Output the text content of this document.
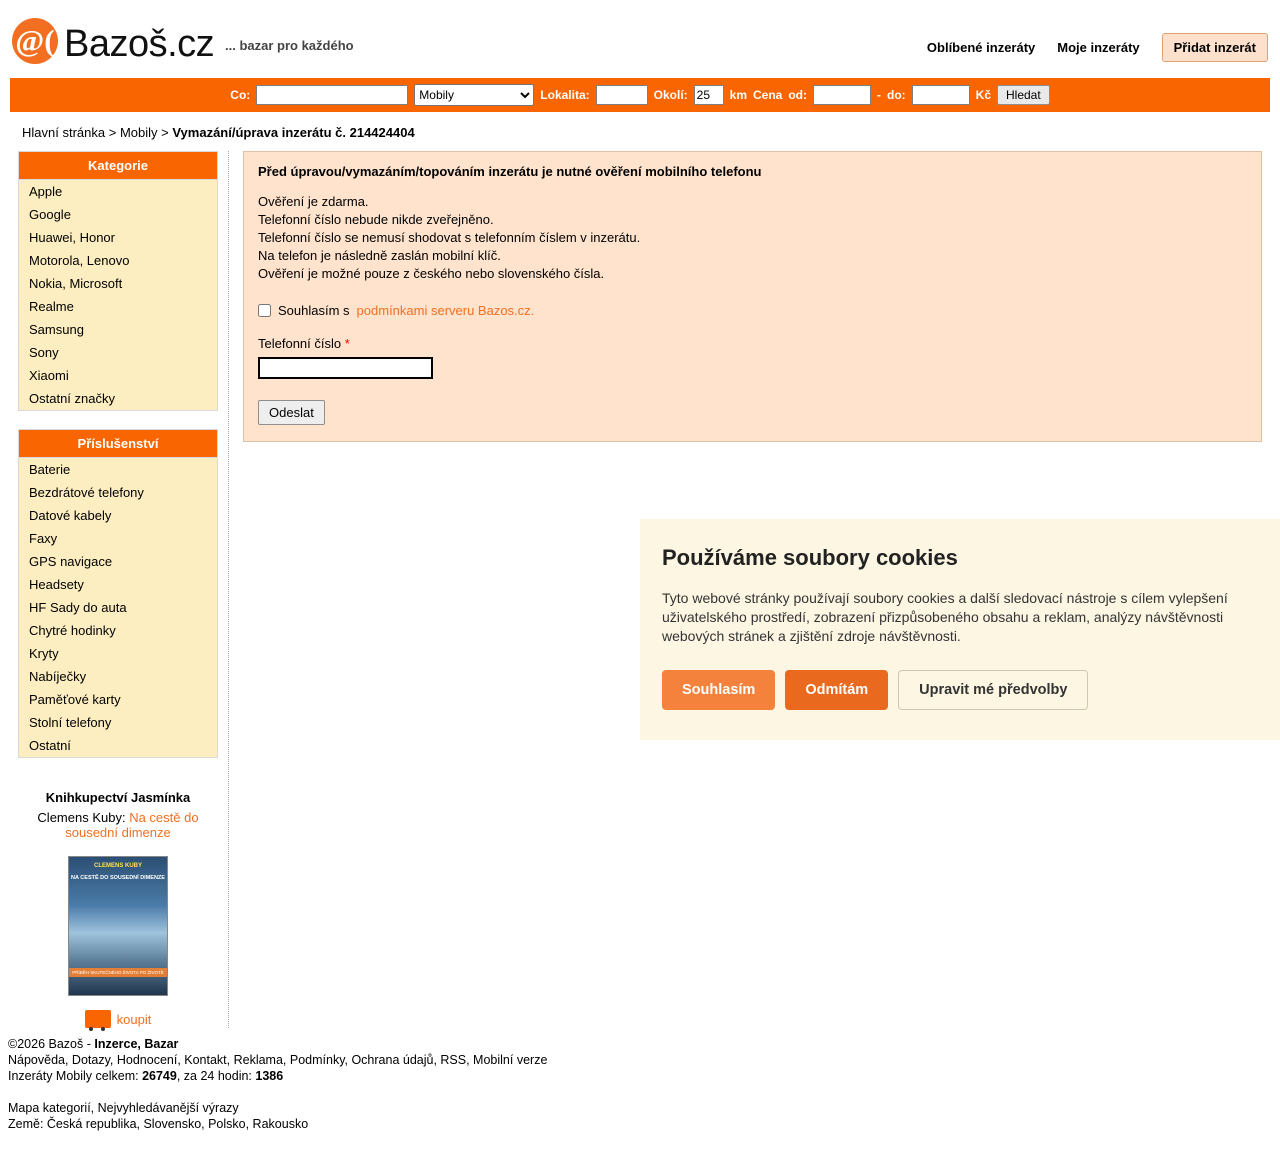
@( Bazoš.cz ... bazar pro každého	Oblíbené inzeráty Moje inzeráty	Přidat inzerát
Co:
Mobily	Lokalita:	Okolí:
25	km Cena od:	- do:	Kč	Hledat
Hlavní stránka > Mobily > Vymazání/úprava inzerátu č. 214424404
Kategorie
Apple
Google
Huawei, Honor
Motorola, Lenovo
Nokia, Microsoft
Realme
Samsung
Sony
Xiaomi
Ostatní značky
Příslušenství
Baterie
Bezdrátové telefony
Datové kabely
Faxy
GPS navigace
Headsety
HF Sady do auta
Chytré hodinky
Kryty
Nabíječky
Paměťové karty
Stolní telefony
Ostatní
Knihkupectví Jasmínka
Clemens Kuby: Na cestě do sousední dimenze
CLEMENS KUBY
NA CESTĚ DO SOUSEDNÍ DIMENZE
PŘÍBĚH SKUTEČNÉHO ŽIVOTA PO ŽIVOTĚ
koupit
Před úpravou/vymazáním/topováním inzerátu je nutné ověření mobilního telefonu
Ověření je zdarma.
Telefonní číslo nebude nikde zveřejněno.
Telefonní číslo se nemusí shodovat s telefonním číslem v inzerátu.
Na telefon je následně zaslán mobilní klíč.
Ověření je možné pouze z českého nebo slovenského čísla.
Souhlasím s podmínkami serveru Bazos.cz.
Telefonní číslo *
Odeslat
Používáme soubory cookies

Tyto webové stránky používají soubory cookies a další sledovací nástroje s cílem vylepšení uživatelského prostředí, zobrazení přizpůsobeného obsahu a reklam, analýzy návštěvnosti webových stránek a zjištění zdroje návštěvnosti.

Souhlasím	Odmítám	Upravit mé předvolby
©2026 Bazoš - Inzerce, Bazar
Nápověda, Dotazy, Hodnocení, Kontakt, Reklama, Podmínky, Ochrana údajů, RSS, Mobilní verze
Inzeráty Mobily celkem: 26749, za 24 hodin: 1386
Mapa kategorií, Nejvyhledávanější výrazy
Země: Česká republika, Slovensko, Polsko, Rakousko
